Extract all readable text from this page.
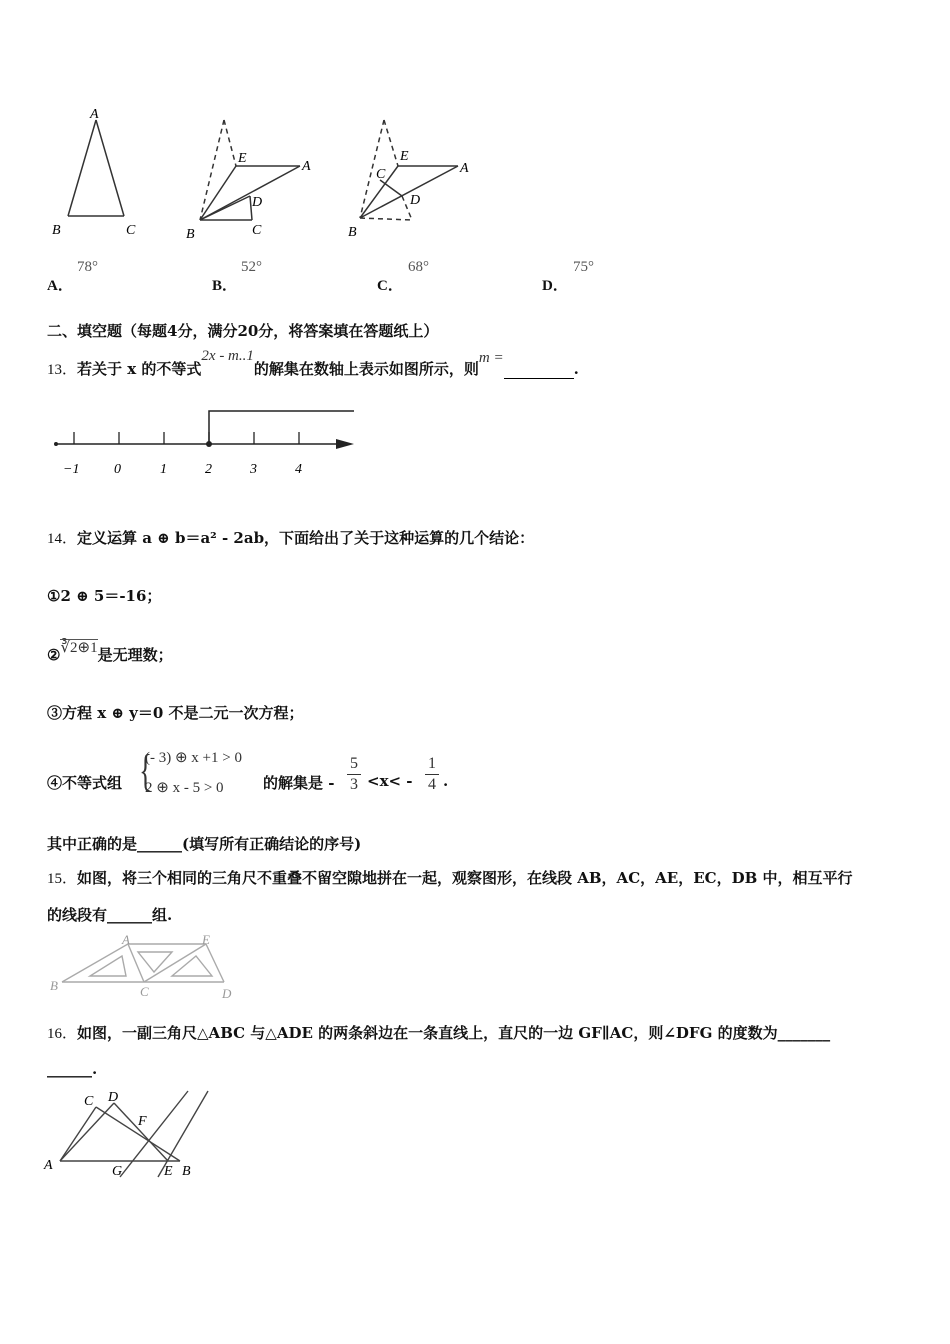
A
B	C
E
A
D
B	C
E
C	A
D
B
A．
78°
B．
52°
C．
68°
D．
75°
二、填空题（每题4分，满分20分，将答案填在答题纸上）
13．若关于 x 的不等式2x - m..1的解集在数轴上表示如图所示，则m = .
−1 0	1	2	3	4
14．定义运算 a ⊕ b＝a² ‑ 2ab，下面给出了关于这种运算的几个结论：
①2 ⊕ 5＝‑16；
②∛2⊕1是无理数；
③方程 x ⊕ y＝0 不是二元一次方程；
④不等式组 {
(- 3) ⊕ x +1 > 0
2 ⊕ x - 5 > 0	的解集是 - $\frac{5}{3} <x< - \frac{1}{4}$ .
其中正确的是______(填写所有正确结论的序号)
15．如图，将三个相同的三角尺不重叠不留空隙地拼在一起，观察图形，在线段 AB，AC，AE，EC，DB 中，相互平行
的线段有______组.
A	E
B	C	D
16．如图，一副三角尺△ABC 与△ADE 的两条斜边在一条直线上，直尺的一边 GF∥AC，则∠DFG 的度数为_______
______.
C D
F
A	G	E B
